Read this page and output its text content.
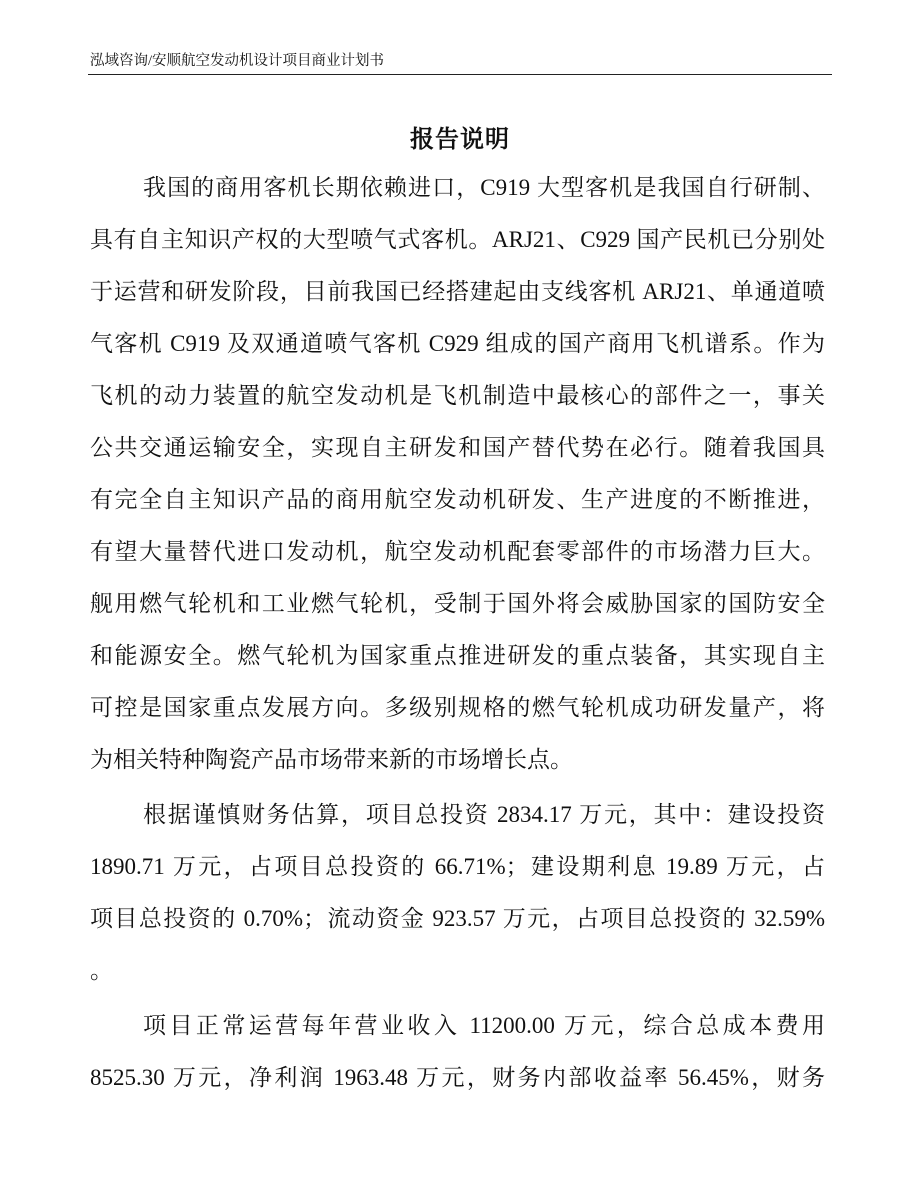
泓域咨询/安顺航空发动机设计项目商业计划书
报告说明
我国的商用客机长期依赖进口，C919 大型客机是我国自行研制、
具有自主知识产权的大型喷气式客机。ARJ21、C929 国产民机已分别处
于运营和研发阶段，目前我国已经搭建起由支线客机 ARJ21、单通道喷
气客机 C919 及双通道喷气客机 C929 组成的国产商用飞机谱系。作为
飞机的动力装置的航空发动机是飞机制造中最核心的部件之一，事关
公共交通运输安全，实现自主研发和国产替代势在必行。随着我国具
有完全自主知识产品的商用航空发动机研发、生产进度的不断推进，
有望大量替代进口发动机，航空发动机配套零部件的市场潜力巨大。
舰用燃气轮机和工业燃气轮机，受制于国外将会威胁国家的国防安全
和能源安全。燃气轮机为国家重点推进研发的重点装备，其实现自主
可控是国家重点发展方向。多级别规格的燃气轮机成功研发量产，将
为相关特种陶瓷产品市场带来新的市场增长点。
根据谨慎财务估算，项目总投资 2834.17 万元，其中：建设投资
1890.71 万元，占项目总投资的 66.71%；建设期利息 19.89 万元，占
项目总投资的 0.70%；流动资金 923.57 万元，占项目总投资的 32.59%
。
项目正常运营每年营业收入 11200.00 万元，综合总成本费用
8525.30 万元，净利润 1963.48 万元，财务内部收益率 56.45%，财务
